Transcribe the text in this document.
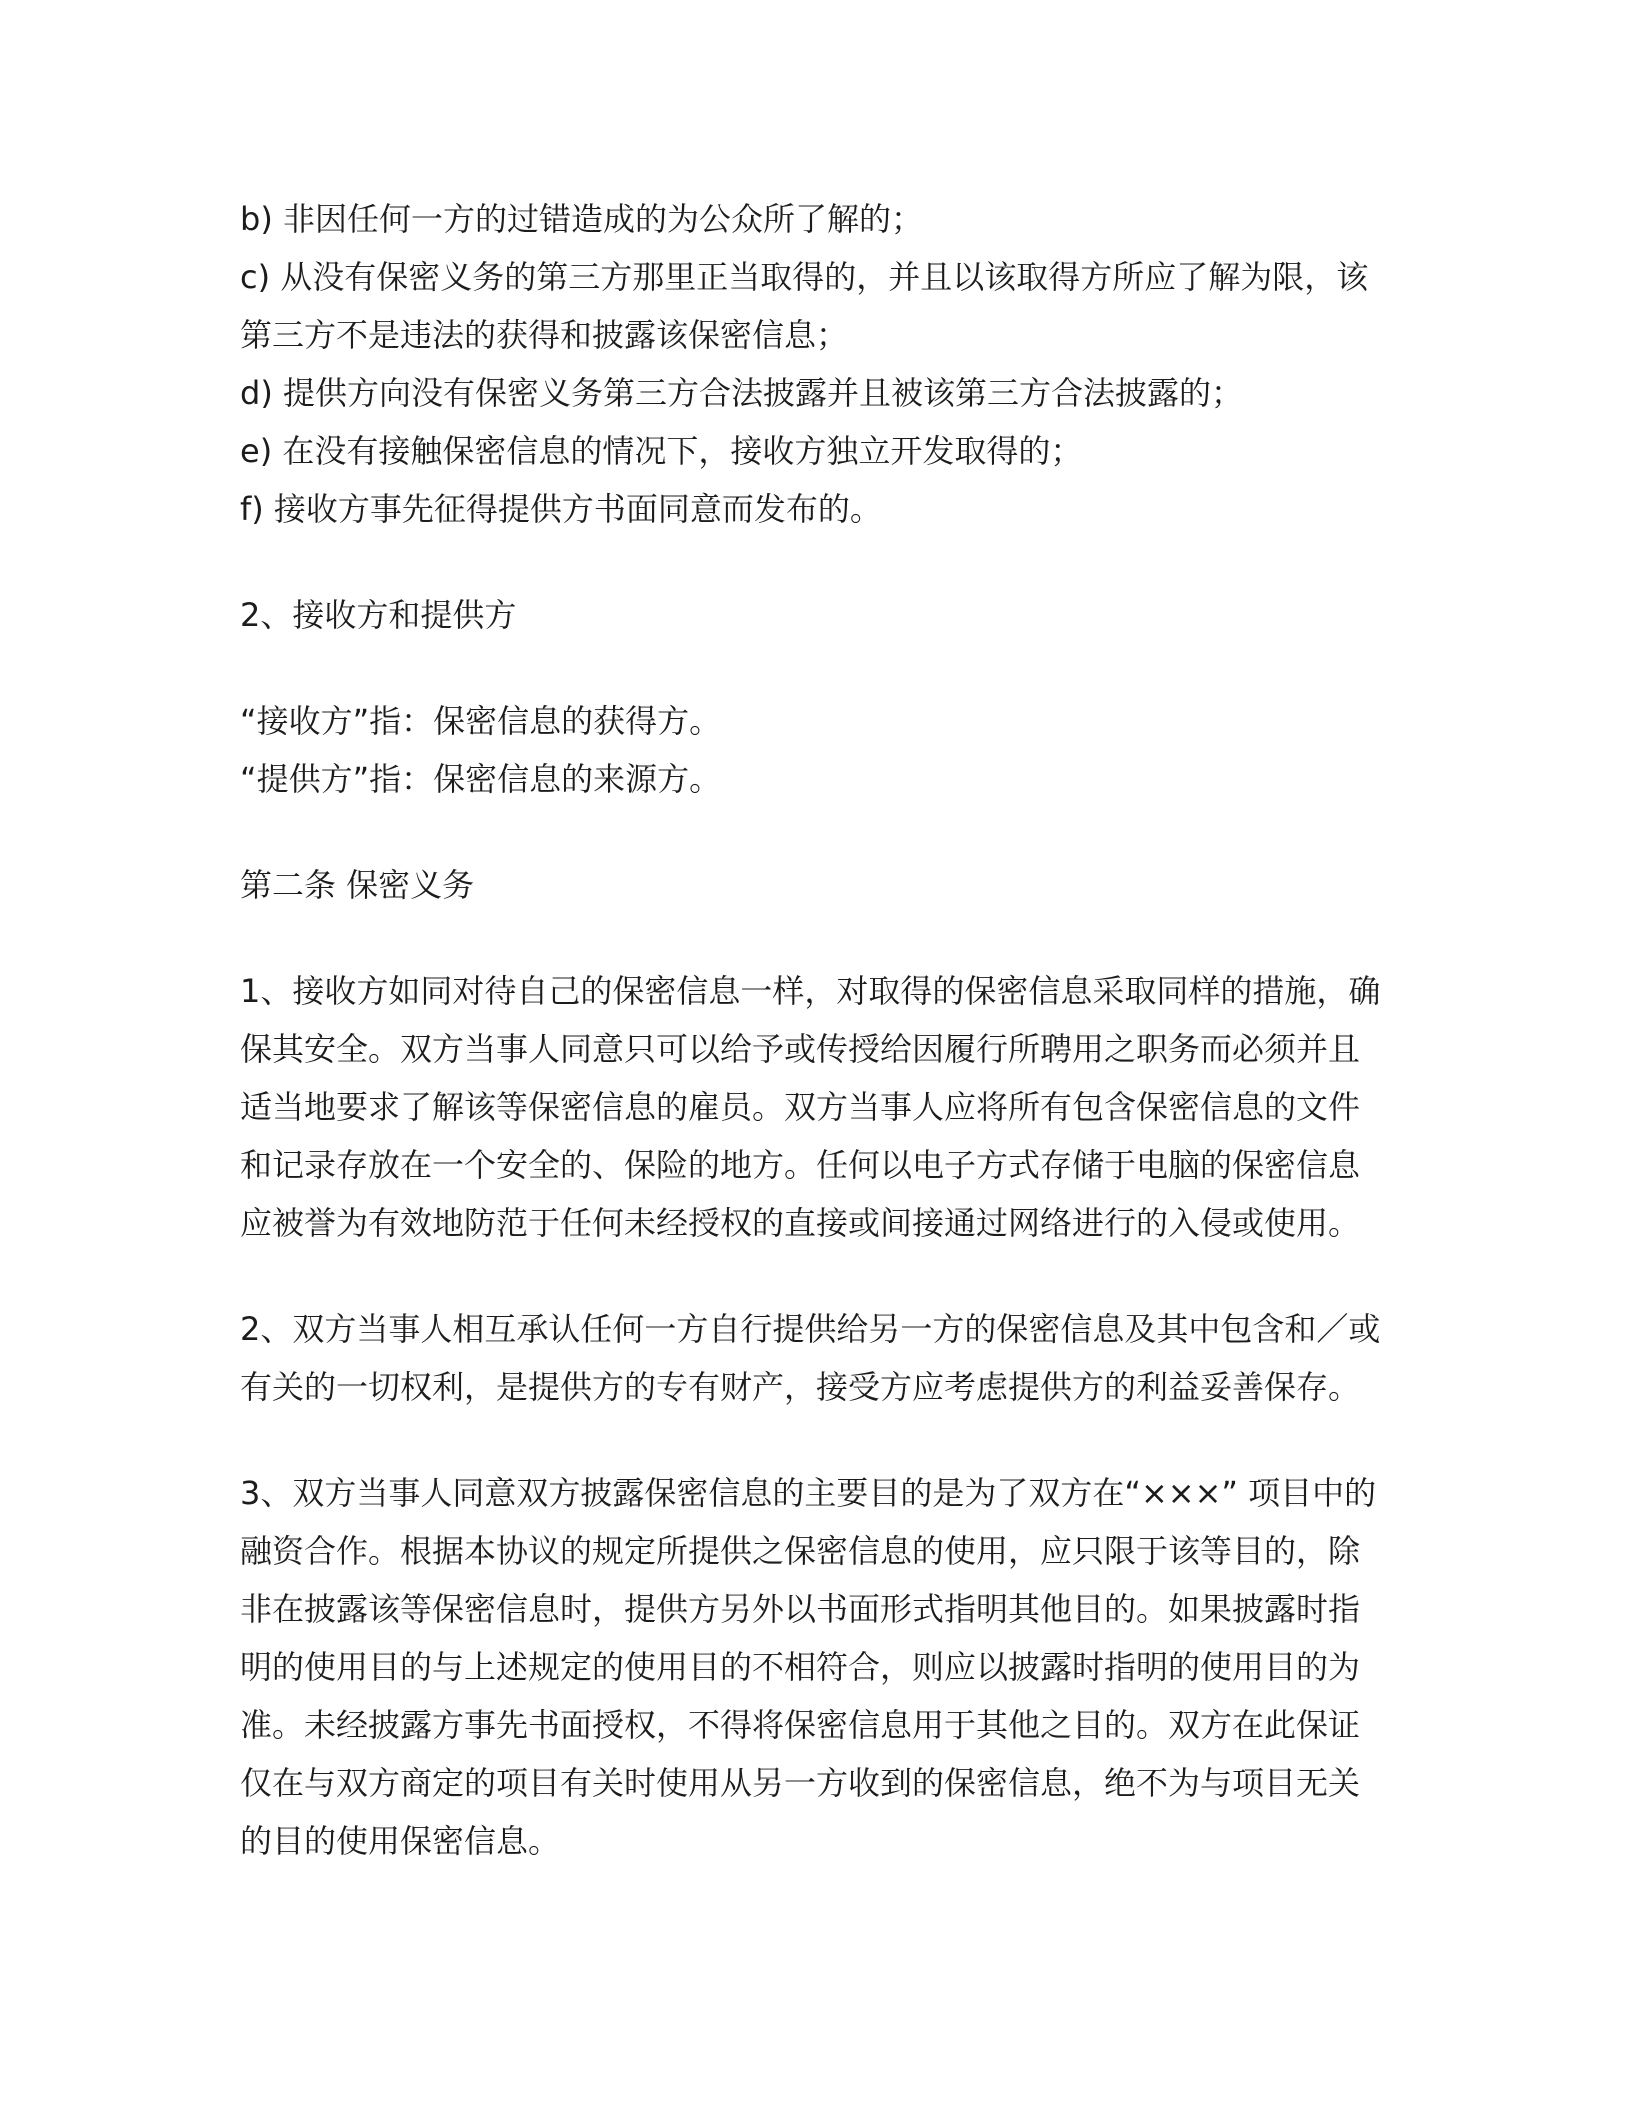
b) 非因任何一方的过错造成的为公众所了解的；

c) 从没有保密义务的第三方那里正当取得的，并且以该取得方所应了解为限，该第三方不是违法的获得和披露该保密信息；

d) 提供方向没有保密义务第三方合法披露并且被该第三方合法披露的；

e) 在没有接触保密信息的情况下，接收方独立开发取得的；

f) 接收方事先征得提供方书面同意而发布的。

2、接收方和提供方

“接收方”指：保密信息的获得方。

“提供方”指：保密信息的来源方。

第二条 保密义务

1、接收方如同对待自己的保密信息一样，对取得的保密信息采取同样的措施，确保其安全。双方当事人同意只可以给予或传授给因履行所聘用之职务而必须并且适当地要求了解该等保密信息的雇员。双方当事人应将所有包含保密信息的文件和记录存放在一个安全的、保险的地方。任何以电子方式存储于电脑的保密信息应被誉为有效地防范于任何未经授权的直接或间接通过网络进行的入侵或使用。

2、双方当事人相互承认任何一方自行提供给另一方的保密信息及其中包含和／或有关的一切权利，是提供方的专有财产，接受方应考虑提供方的利益妥善保存。

3、双方当事人同意双方披露保密信息的主要目的是为了双方在“×××” 项目中的融资合作。根据本协议的规定所提供之保密信息的使用，应只限于该等目的，除非在披露该等保密信息时，提供方另外以书面形式指明其他目的。如果披露时指明的使用目的与上述规定的使用目的不相符合，则应以披露时指明的使用目的为准。未经披露方事先书面授权，不得将保密信息用于其他之目的。双方在此保证仅在与双方商定的项目有关时使用从另一方收到的保密信息，绝不为与项目无关的目的使用保密信息。
